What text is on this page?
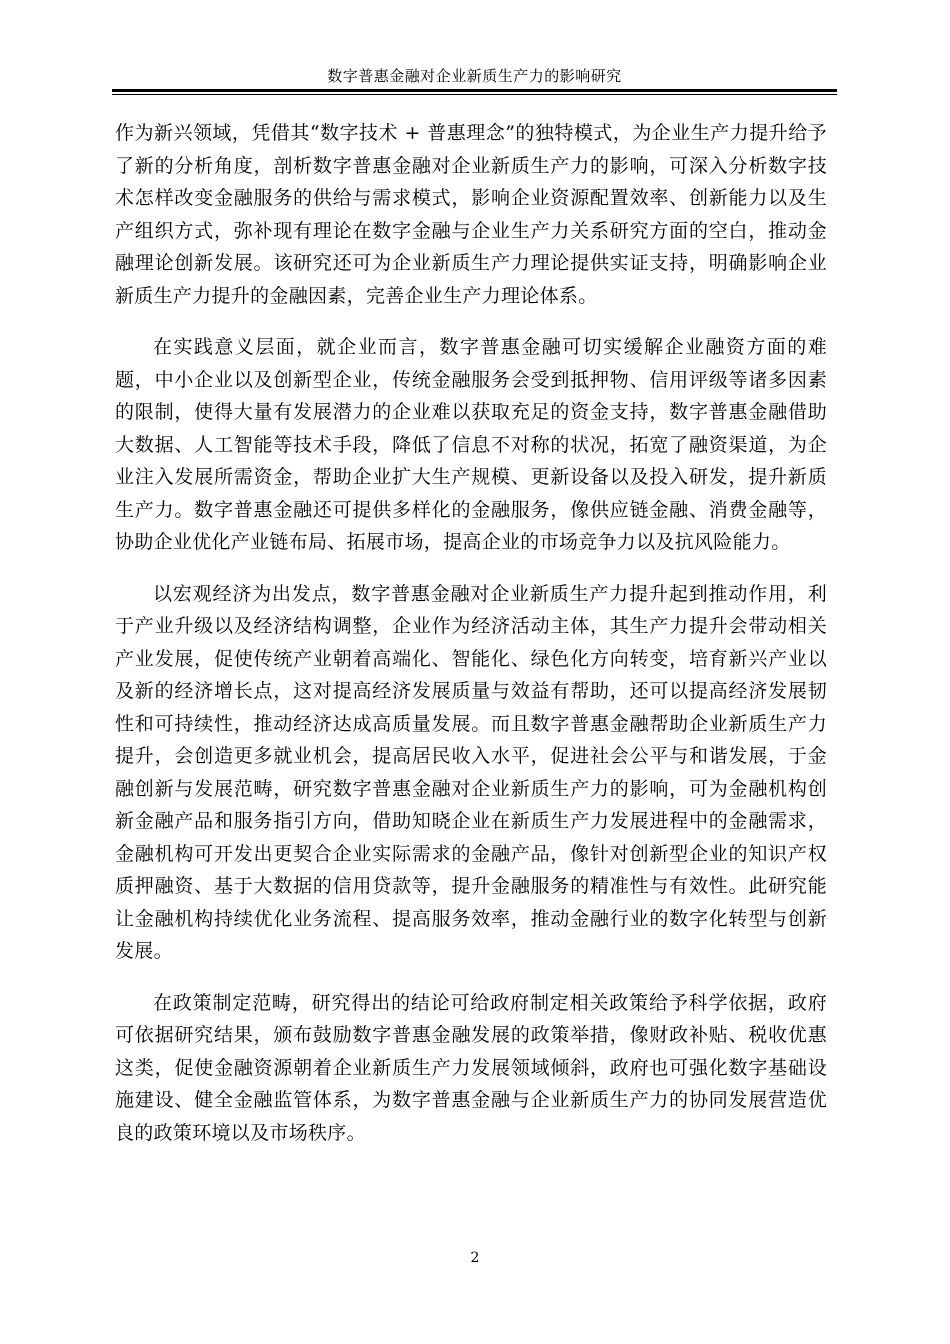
数字普惠金融对企业新质生产力的影响研究

作为新兴领域，凭借其“数字技术 + 普惠理念”的独特模式，为企业生产力提升给予了新的分析角度，剖析数字普惠金融对企业新质生产力的影响，可深入分析数字技术怎样改变金融服务的供给与需求模式，影响企业资源配置效率、创新能力以及生产组织方式，弥补现有理论在数字金融与企业生产力关系研究方面的空白，推动金融理论创新发展。该研究还可为企业新质生产力理论提供实证支持，明确影响企业新质生产力提升的金融因素，完善企业生产力理论体系。

在实践意义层面，就企业而言，数字普惠金融可切实缓解企业融资方面的难题，中小企业以及创新型企业，传统金融服务会受到抵押物、信用评级等诸多因素的限制，使得大量有发展潜力的企业难以获取充足的资金支持，数字普惠金融借助大数据、人工智能等技术手段，降低了信息不对称的状况，拓宽了融资渠道，为企业注入发展所需资金，帮助企业扩大生产规模、更新设备以及投入研发，提升新质生产力。数字普惠金融还可提供多样化的金融服务，像供应链金融、消费金融等，协助企业优化产业链布局、拓展市场，提高企业的市场竞争力以及抗风险能力。

以宏观经济为出发点，数字普惠金融对企业新质生产力提升起到推动作用，利于产业升级以及经济结构调整，企业作为经济活动主体，其生产力提升会带动相关产业发展，促使传统产业朝着高端化、智能化、绿色化方向转变，培育新兴产业以及新的经济增长点，这对提高经济发展质量与效益有帮助，还可以提高经济发展韧性和可持续性，推动经济达成高质量发展。而且数字普惠金融帮助企业新质生产力提升，会创造更多就业机会，提高居民收入水平，促进社会公平与和谐发展，于金融创新与发展范畴，研究数字普惠金融对企业新质生产力的影响，可为金融机构创新金融产品和服务指引方向，借助知晓企业在新质生产力发展进程中的金融需求，金融机构可开发出更契合企业实际需求的金融产品，像针对创新型企业的知识产权质押融资、基于大数据的信用贷款等，提升金融服务的精准性与有效性。此研究能让金融机构持续优化业务流程、提高服务效率，推动金融行业的数字化转型与创新发展。

在政策制定范畴，研究得出的结论可给政府制定相关政策给予科学依据，政府可依据研究结果，颁布鼓励数字普惠金融发展的政策举措，像财政补贴、税收优惠这类，促使金融资源朝着企业新质生产力发展领域倾斜，政府也可强化数字基础设施建设、健全金融监管体系，为数字普惠金融与企业新质生产力的协同发展营造优良的政策环境以及市场秩序。

2
